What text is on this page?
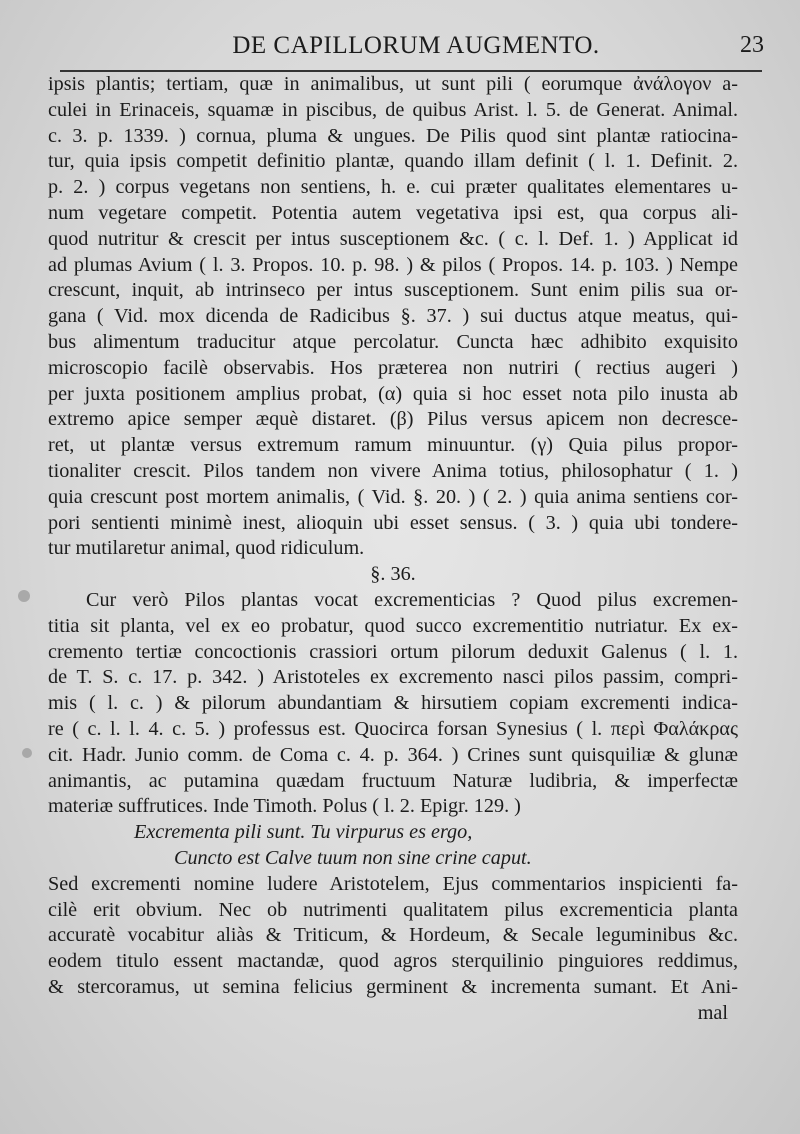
DE CAPILLORUM AUGMENTO.	23
ipsis plantis; tertiam, quæ in animalibus, ut sunt pili ( eorumque ἀνάλογον a-
culei in Erinaceis, squamæ in piscibus, de quibus Arist. l. 5. de Generat. Animal.
c. 3. p. 1339. ) cornua, pluma & ungues. De Pilis quod sint plantæ ratiocina-
tur, quia ipsis competit definitio plantæ, quando illam definit ( l. 1. Definit. 2.
p. 2. ) corpus vegetans non sentiens, h. e. cui præter qualitates elementares u-
num vegetare competit. Potentia autem vegetativa ipsi est, qua corpus ali-
quod nutritur & crescit per intus susceptionem &c. ( c. l. Def. 1. ) Applicat id
ad plumas Avium ( l. 3. Propos. 10. p. 98. ) & pilos ( Propos. 14. p. 103. ) Nempe
crescunt, inquit, ab intrinseco per intus susceptionem. Sunt enim pilis sua or-
gana ( Vid. mox dicenda de Radicibus §. 37. ) sui ductus atque meatus, qui-
bus alimentum traducitur atque percolatur. Cuncta hæc adhibito exquisito
microscopio facilè observabis. Hos præterea non nutriri ( rectius augeri )
per juxta positionem amplius probat, (α) quia si hoc esset nota pilo inusta ab
extremo apice semper æquè distaret. (β) Pilus versus apicem non decresce-
ret, ut plantæ versus extremum ramum minuuntur. (γ) Quia pilus propor-
tionaliter crescit. Pilos tandem non vivere Anima totius, philosophatur ( 1. )
quia crescunt post mortem animalis, ( Vid. §. 20. ) ( 2. ) quia anima sentiens cor-
pori sentienti minimè inest, alioquin ubi esset sensus. ( 3. ) quia ubi tondere-
tur mutilaretur animal, quod ridiculum.
§. 36.
Cur verò Pilos plantas vocat excrementicias ? Quod pilus excremen-
titia sit planta, vel ex eo probatur, quod succo excrementitio nutriatur. Ex ex-
cremento tertiæ concoctionis crassiori ortum pilorum deduxit Galenus ( l. 1.
de T. S. c. 17. p. 342. ) Aristoteles ex excremento nasci pilos passim, compri-
mis ( l. c. ) & pilorum abundantiam & hirsutiem copiam excrementi indica-
re ( c. l. l. 4. c. 5. ) professus est. Quocirca forsan Synesius ( l. περὶ Φαλάκρας
cit. Hadr. Junio comm. de Coma c. 4. p. 364. ) Crines sunt quisquiliæ & glunæ
animantis, ac putamina quædam fructuum Naturæ ludibria, & imperfectæ
materiæ suffrutices. Inde Timoth. Polus ( l. 2. Epigr. 129. )
Excrementa pili sunt. Tu virpurus es ergo,
Cuncto est Calve tuum non sine crine caput.
Sed excrementi nomine ludere Aristotelem, Ejus commentarios inspicienti fa-
cilè erit obvium. Nec ob nutrimenti qualitatem pilus excrementicia planta
accuratè vocabitur aliàs & Triticum, & Hordeum, & Secale leguminibus &c.
eodem titulo essent mactandæ, quod agros sterquilinio pinguiores reddimus,
& stercoramus, ut semina felicius germinent & incrementa sumant. Et Ani-
mal
